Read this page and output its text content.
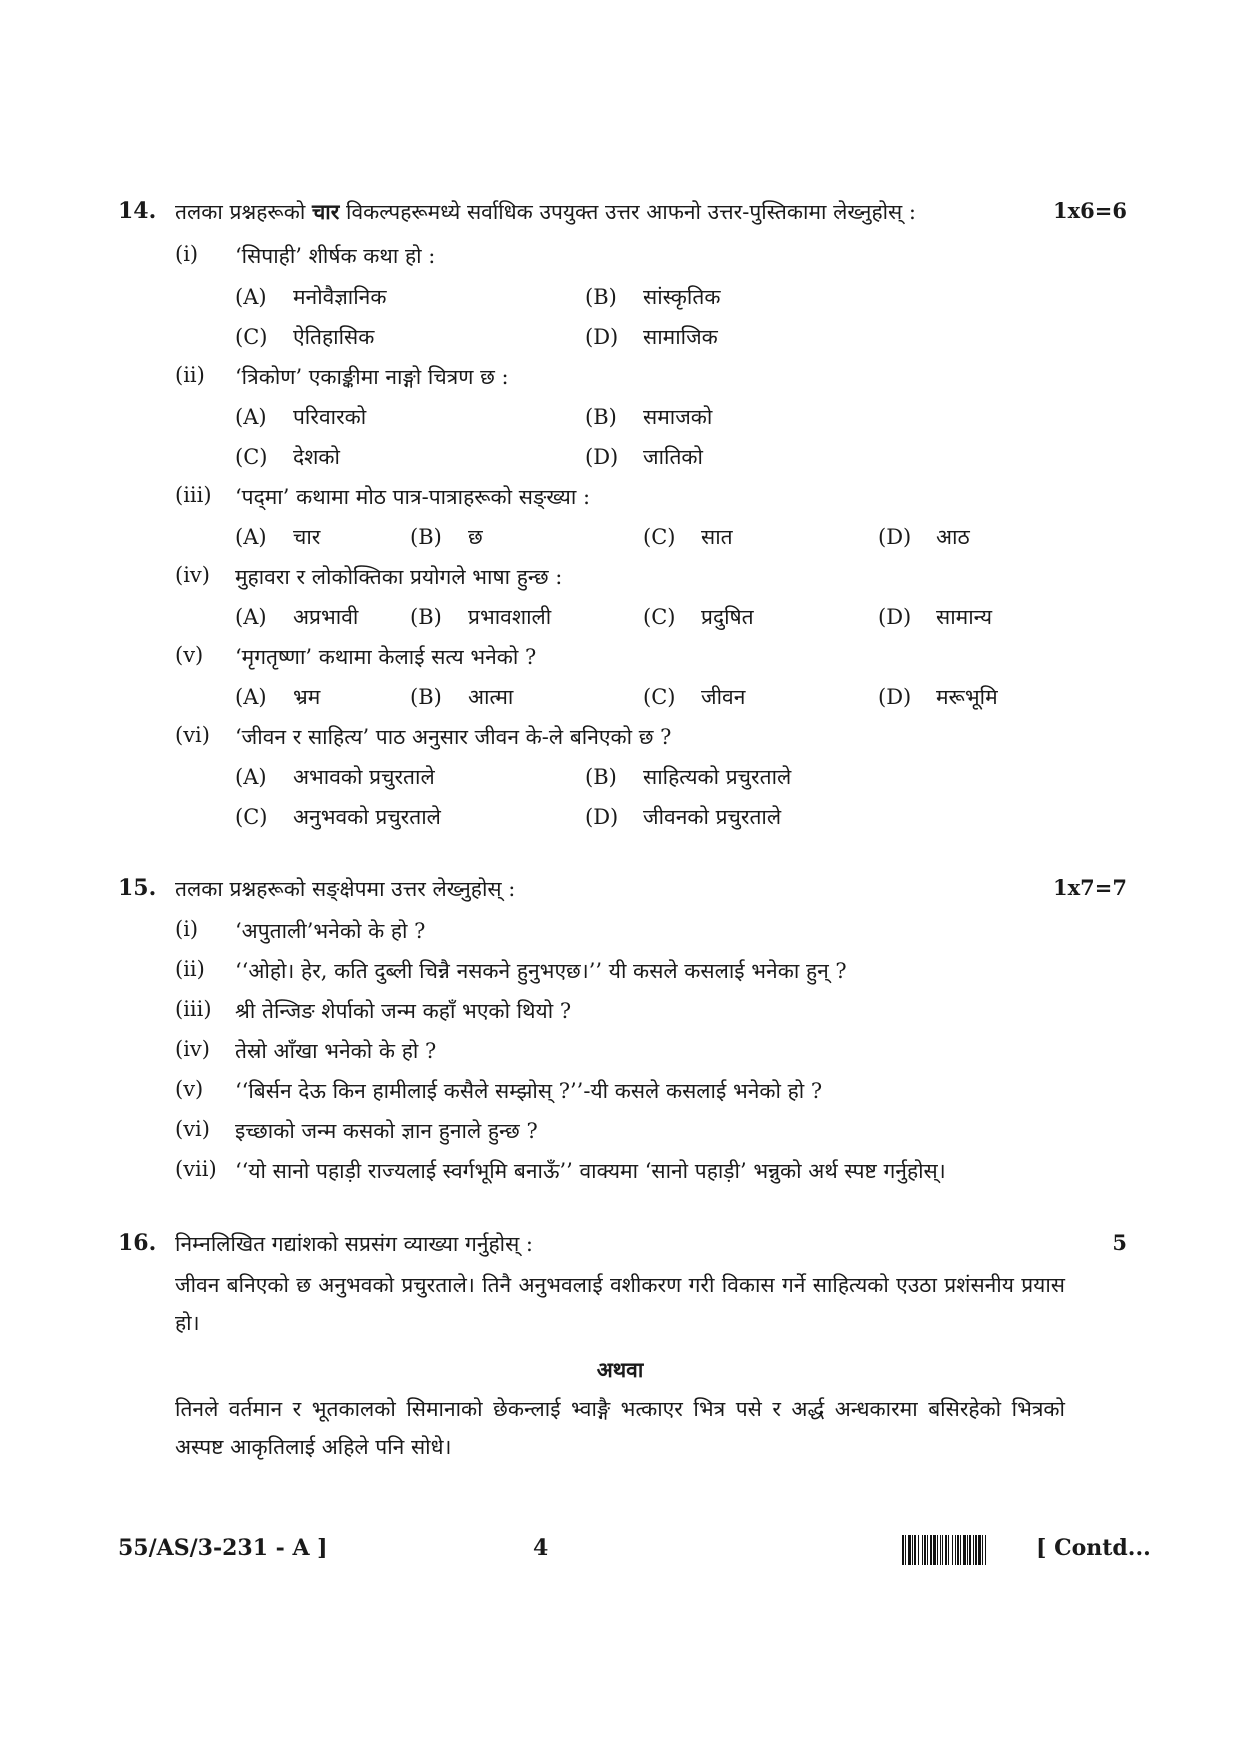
14. तलका प्रश्नहरूको चार विकल्पहरूमध्ये सर्वाधिक उपयुक्त उत्तर आफनो उत्तर-पुस्तिकामा लेख्नुहोस् :	1x6=6
(i) ‘सिपाही’ शीर्षक कथा हो :
(A) मनोवैज्ञानिक	(B) सांस्कृतिक
(C) ऐतिहासिक	(D) सामाजिक
(ii) ‘त्रिकोण’ एकाङ्कीमा नाङ्गो चित्रण छ :
(A) परिवारको	(B) समाजको
(C) देशको	(D) जातिको
(iii) ‘पद्‌मा’ कथामा मोठ पात्र-पात्राहरूको सङ्ख्या :
(A) चार	(B) छ	(C) सात	(D) आठ
(iv) मुहावरा र लोकोक्तिका प्रयोगले भाषा हुन्छ :
(A) अप्रभावी (B) प्रभावशाली	(C) प्रदुषित	(D) सामान्य
(v) ‘मृगतृष्णा’ कथामा केलाई सत्य भनेको ?
(A) भ्रम	(B) आत्मा	(C) जीवन	(D) मरूभूमि
(vi) ‘जीवन र साहित्य’ पाठ अनुसार जीवन के-ले बनिएको छ ?
(A) अभावको प्रचुरताले	(B) साहित्यको प्रचुरताले
(C) अनुभवको प्रचुरताले	(D) जीवनको प्रचुरताले
15. तलका प्रश्नहरूको सङ्क्षेपमा उत्तर लेख्नुहोस् :	1x7=7
(i) ‘अपुताली’भनेको के हो ?
(ii) ‘‘ओहो। हेर, कति दुब्ली चिन्नै नसकने हुनुभएछ।’’ यी कसले कसलाई भनेका हुन् ?
(iii) श्री तेन्जिङ शेर्पाको जन्म कहाँ भएको थियो ?
(iv) तेस्रो आँखा भनेको के हो ?
(v) ‘‘बिर्सन देऊ किन हामीलाई कसैले सम्झोस् ?’’-यी कसले कसलाई भनेको हो ?
(vi) इच्छाको जन्म कसको ज्ञान हुनाले हुन्छ ?
(vii) ‘‘यो सानो पहाड़ी राज्यलाई स्वर्गभूमि बनाऊँ’’ वाक्यमा ‘सानो पहाड़ी’ भन्नुको अर्थ स्पष्ट गर्नुहोस्।
16. निम्नलिखित गद्यांशको सप्रसंग व्याख्या गर्नुहोस् :	5
जीवन बनिएको छ अनुभवको प्रचुरताले। तिनै अनुभवलाई वशीकरण गरी विकास गर्ने साहित्यको एउठा प्रशंसनीय प्रयास हो।
अथवा
तिनले वर्तमान र भूतकालको सिमानाको छेकन्लाई भ्वाङ्गै भत्काएर भित्र पसे र अर्द्ध अन्धकारमा बसिरहेको भित्रको अस्पष्ट आकृतिलाई अहिले पनि सोधे।
55/AS/3-231 - A ]	4	[ Contd...
